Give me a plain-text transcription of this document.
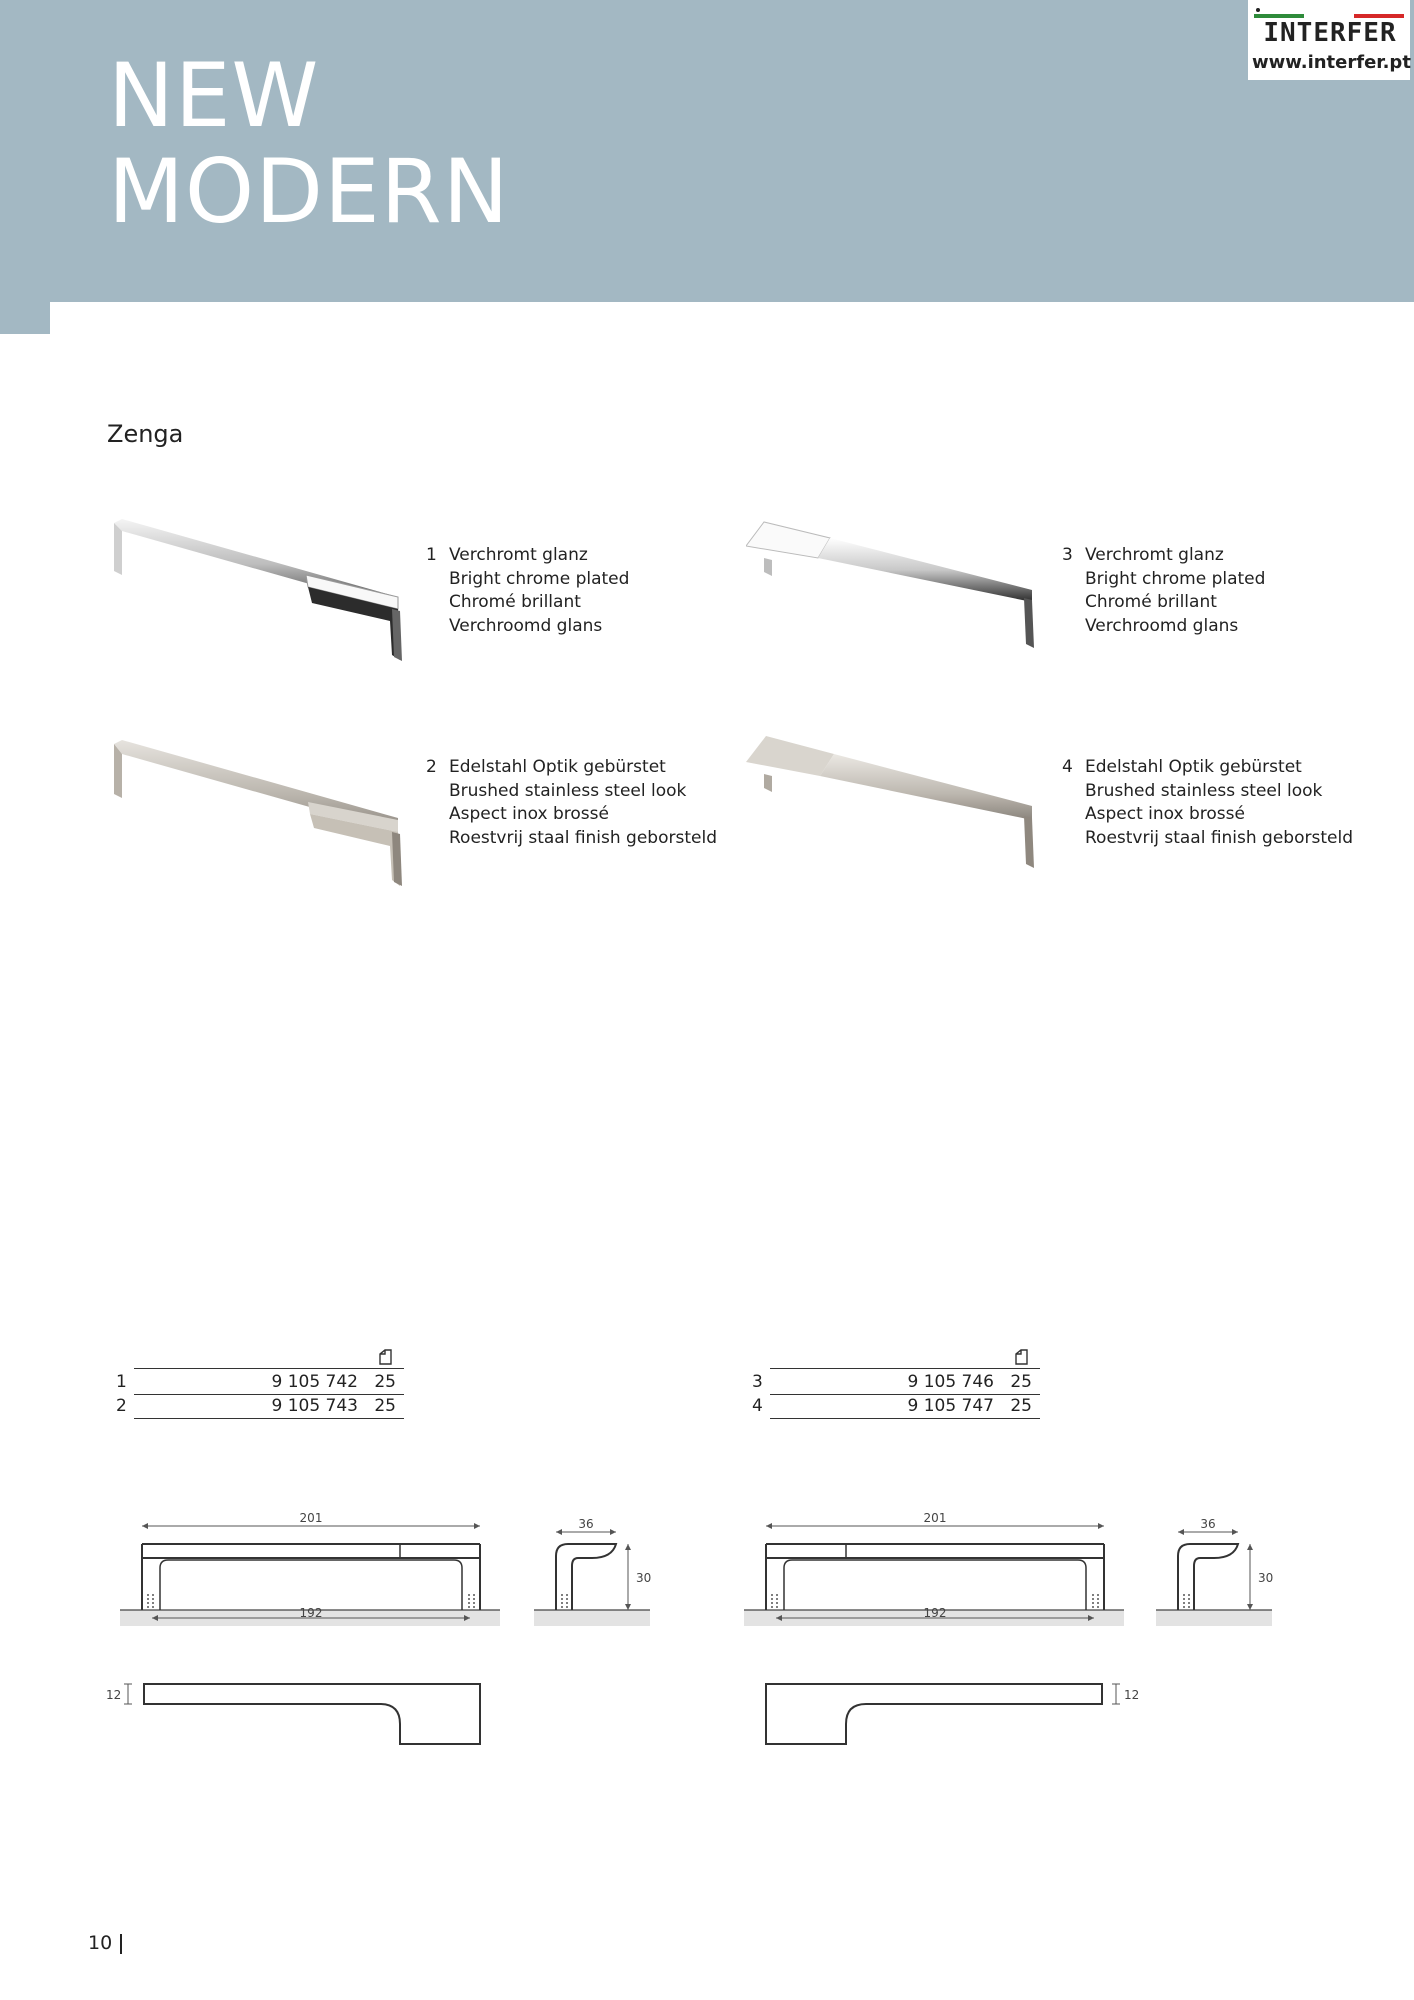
NEW
MODERN
INTERFER
www.interfer.pt
Zenga
1 Verchromt glanz
Bright chrome plated
Chromé brillant
Verchroomd glans
2 Edelstahl Optik gebürstet
Brushed stainless steel look
Aspect inox brossé
Roestvrij staal finish geborsteld
3 Verchromt glanz
Bright chrome plated
Chromé brillant
Verchroomd glans
4 Edelstahl Optik gebürstet
Brushed stainless steel look
Aspect inox brossé
Roestvrij staal finish geborsteld
1	9 105 742 25
2	9 105 743 25
3	9 105 746 25
4	9 105 747 25
201
192
36
30
12
201
192
36
30
12
10
